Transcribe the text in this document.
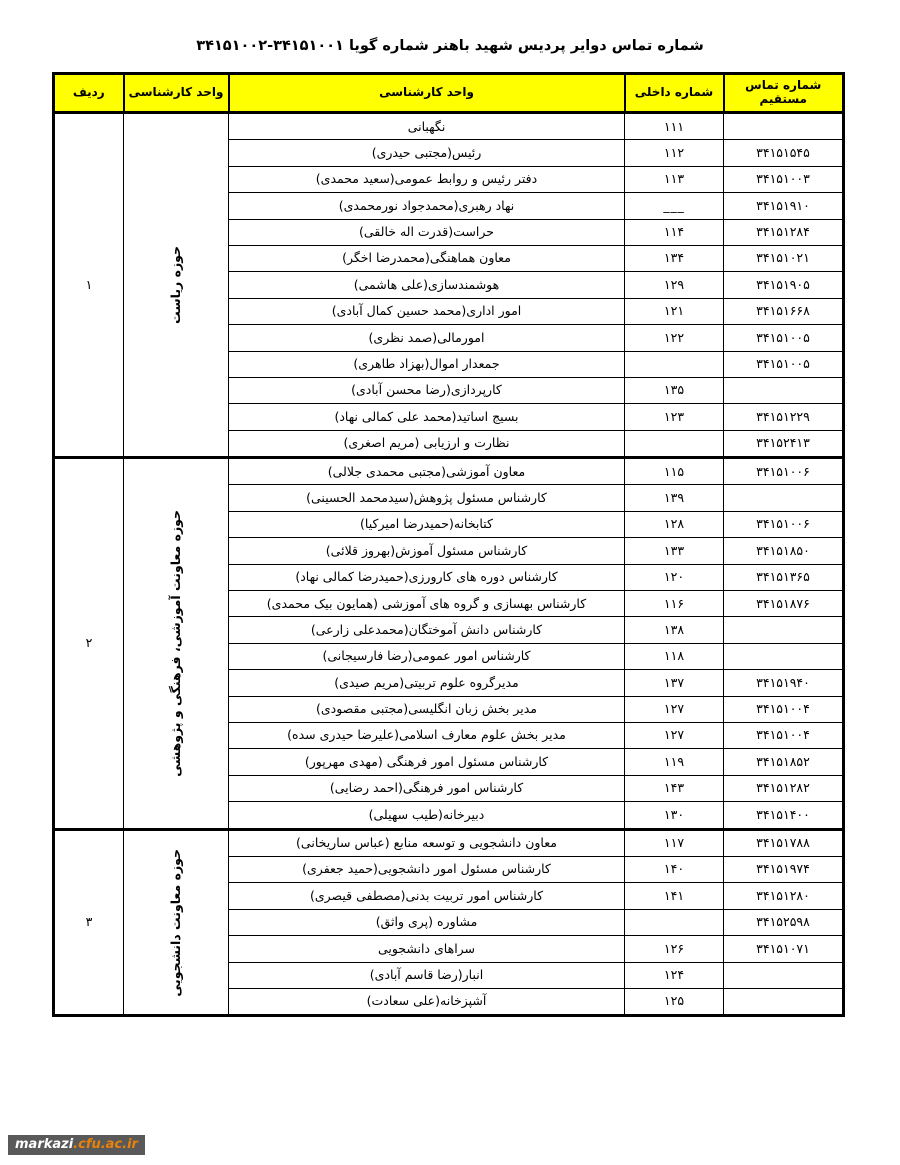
شماره تماس دوایر پردیس شهید باهنر شماره گویا ۳۴۱۵۱۰۰۱-۳۴۱۵۱۰۰۲
شماره تماس مستقیم	شماره داخلی	واحد کارشناسی	واحد کارشناسی	ردیف
	۱۱۱	نگهبانی	حوزه ریاست	۱
۳۴۱۵۱۵۴۵	۱۱۲	رئیس(مجتبی حیدری)		
۳۴۱۵۱۰۰۳	۱۱۳	دفتر رئیس و روابط عمومی(سعید محمدی)		
۳۴۱۵۱۹۱۰	___	نهاد رهبری(محمدجواد نورمحمدی)		
۳۴۱۵۱۲۸۴	۱۱۴	حراست(قدرت اله خالقی)		
۳۴۱۵۱۰۲۱	۱۳۴	معاون هماهنگی(محمدرضا اخگر)		
۳۴۱۵۱۹۰۵	۱۲۹	هوشمندسازی(علی هاشمی)		
۳۴۱۵۱۶۶۸	۱۲۱	امور اداری(محمد حسین کمال آبادی)		
۳۴۱۵۱۰۰۵	۱۲۲	امورمالی(صمد نظری)		
۳۴۱۵۱۰۰۵		جمعدار اموال(بهزاد طاهری)		
	۱۳۵	کارپردازی(رضا محسن آبادی)		
۳۴۱۵۱۲۲۹	۱۲۳	بسیج اساتید(محمد علی کمالی نهاد)		
۳۴۱۵۲۴۱۳		نظارت و ارزیابی (مریم اصغری)		
۳۴۱۵۱۰۰۶	۱۱۵	معاون آموزشی(مجتبی محمدی جلالی)	حوزه معاونت آموزشی، فرهنگی و پژوهشی	۲
	۱۳۹	کارشناس مسئول پژوهش(سیدمحمد الحسینی)		
۳۴۱۵۱۰۰۶	۱۲۸	کتابخانه(حمیدرضا امیرکیا)		
۳۴۱۵۱۸۵۰	۱۳۳	کارشناس مسئول آموزش(بهروز قلائی)		
۳۴۱۵۱۳۶۵	۱۲۰	کارشناس دوره های کارورزی(حمیدرضا کمالی نهاد)		
۳۴۱۵۱۸۷۶	۱۱۶	کارشناس بهسازی و گروه های آموزشی (همایون بیک محمدی)		
	۱۳۸	کارشناس دانش آموختگان(محمدعلی زارعی)		
	۱۱۸	کارشناس امور عمومی(رضا فارسیجانی)		
۳۴۱۵۱۹۴۰	۱۳۷	مدیرگروه علوم تربیتی(مریم صیدی)		
۳۴۱۵۱۰۰۴	۱۲۷	مدیر بخش زبان انگلیسی(مجتبی مقصودی)		
۳۴۱۵۱۰۰۴	۱۲۷	مدیر بخش علوم معارف اسلامی(علیرضا حیدری سده)		
۳۴۱۵۱۸۵۲	۱۱۹	کارشناس مسئول امور فرهنگی (مهدی مهرپور)		
۳۴۱۵۱۲۸۲	۱۴۳	کارشناس امور فرهنگی(احمد رضایی)		
۳۴۱۵۱۴۰۰	۱۳۰	دبیرخانه(طیب سهیلی)		
۳۴۱۵۱۷۸۸	۱۱۷	معاون دانشجویی و توسعه منابع (عباس ساریخانی)	حوزه معاونت دانشجویی	۳
۳۴۱۵۱۹۷۴	۱۴۰	کارشناس مسئول امور دانشجویی(حمید جعفری)		
۳۴۱۵۱۲۸۰	۱۴۱	کارشناس امور تربیت بدنی(مصطفی قیصری)		
۳۴۱۵۲۵۹۸		مشاوره (پری واثق)		
۳۴۱۵۱۰۷۱	۱۲۶	سراهای دانشجویی		
	۱۲۴	انبار(رضا قاسم آبادی)		
	۱۲۵	آشپزخانه(علی سعادت)		
markazi.cfu.ac.ir
